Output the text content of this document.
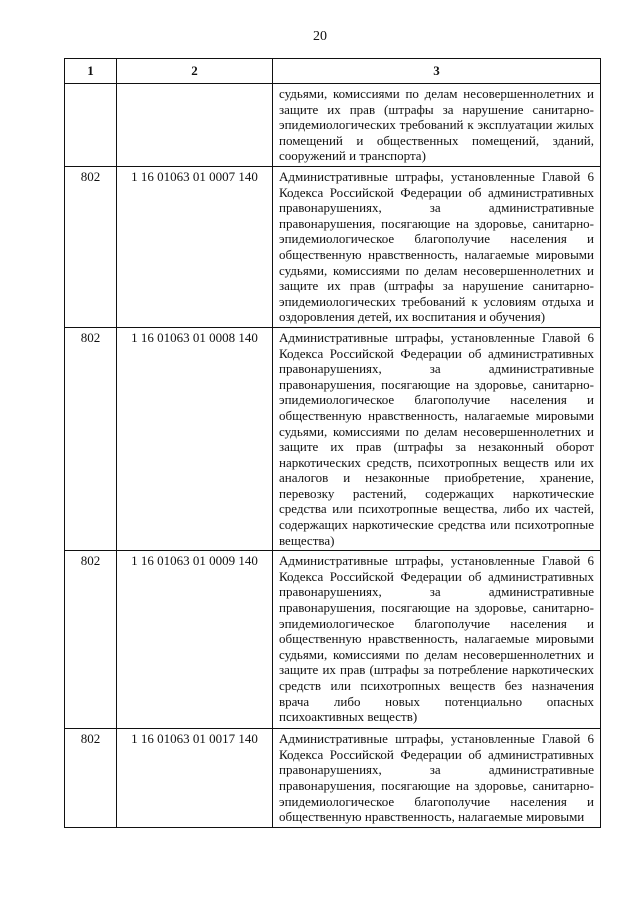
20
1	2	3
		судьями, комиссиями по делам несовершеннолетних и защите их прав (штрафы за нарушение санитарно-эпидемиологических требований к эксплуатации жилых помещений и общественных помещений, зданий, сооружений и транспорта)
802	1 16 01063 01 0007 140	Административные штрафы, установленные Главой 6 Кодекса Российской Федерации об административных правонарушениях, за административные правонарушения, посягающие на здоровье, санитарно-эпидемиологическое благополучие населения и общественную нравственность, налагаемые мировыми судьями, комиссиями по делам несовершеннолетних и защите их прав (штрафы за нарушение санитарно-эпидемиологических требований к условиям отдыха и оздоровления детей, их воспитания и обучения)
802	1 16 01063 01 0008 140	Административные штрафы, установленные Главой 6 Кодекса Российской Федерации об административных правонарушениях, за административные правонарушения, посягающие на здоровье, санитарно-эпидемиологическое благополучие населения и общественную нравственность, налагаемые мировыми судьями, комиссиями по делам несовершеннолетних и защите их прав (штрафы за незаконный оборот наркотических средств, психотропных веществ или их аналогов и незаконные приобретение, хранение, перевозку растений, содержащих наркотические средства или психотропные вещества, либо их частей, содержащих наркотические средства или психотропные вещества)
802	1 16 01063 01 0009 140	Административные штрафы, установленные Главой 6 Кодекса Российской Федерации об административных правонарушениях, за административные правонарушения, посягающие на здоровье, санитарно-эпидемиологическое благополучие населения и общественную нравственность, налагаемые мировыми судьями, комиссиями по делам несовершеннолетних и защите их прав (штрафы за потребление наркотических средств или психотропных веществ без назначения врача либо новых потенциально опасных психоактивных веществ)
802	1 16 01063 01 0017 140	Административные штрафы, установленные Главой 6 Кодекса Российской Федерации об административных правонарушениях, за административные правонарушения, посягающие на здоровье, санитарно-эпидемиологическое благополучие населения и общественную нравственность, налагаемые мировыми
